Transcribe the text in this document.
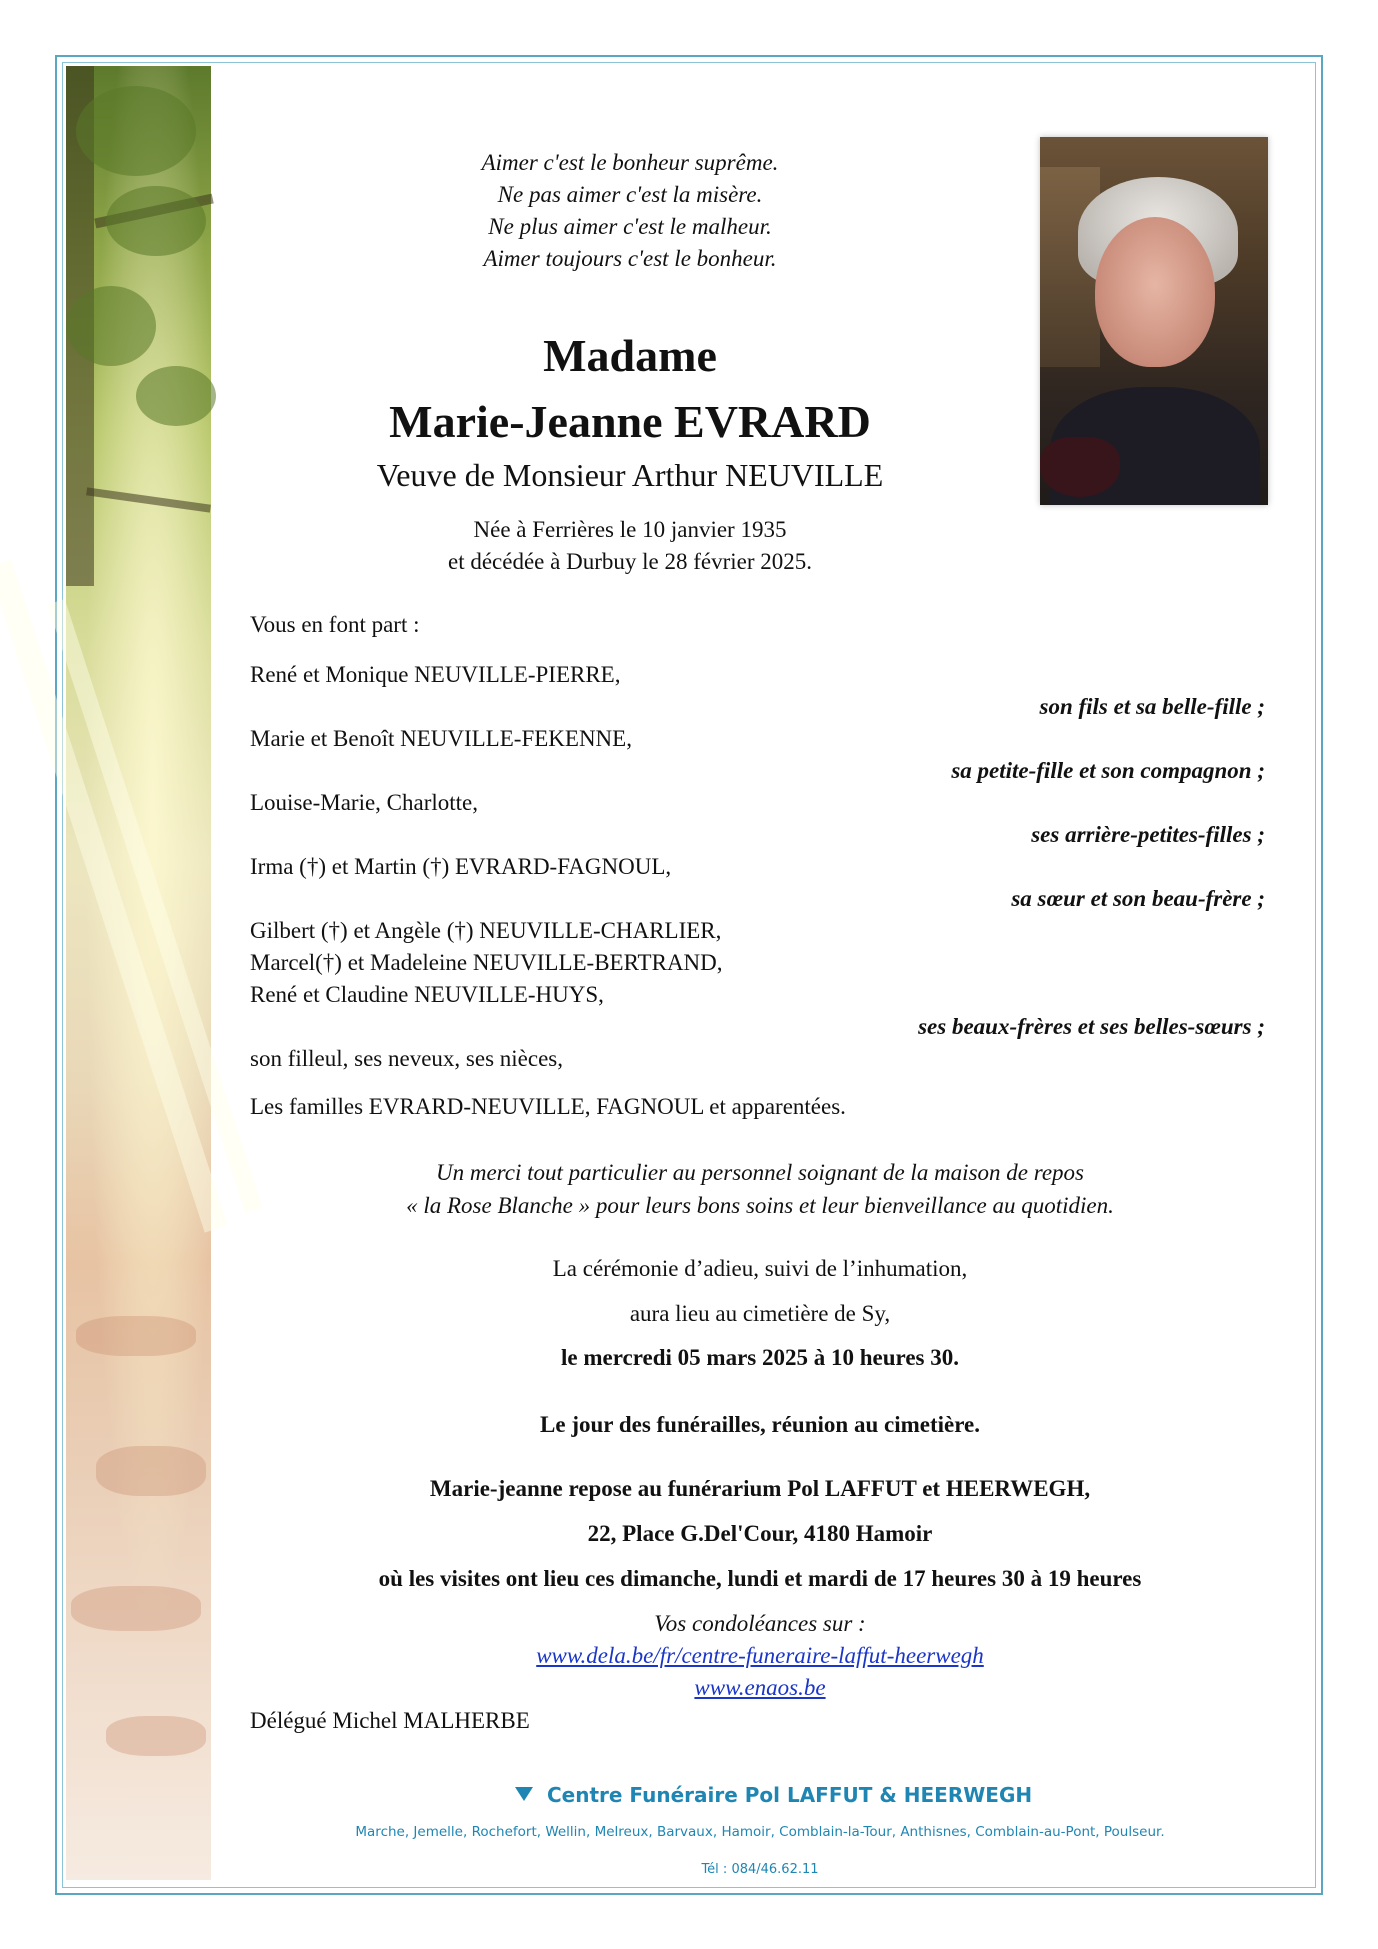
Aimer c'est le bonheur suprême.
Ne pas aimer c'est la misère.
Ne plus aimer c'est le malheur.
Aimer toujours c'est le bonheur.
Madame
Marie-Jeanne EVRARD
Veuve de Monsieur Arthur NEUVILLE
Née à Ferrières le 10 janvier 1935
et décédée à Durbuy le 28 février 2025.
Vous en font part :
René et Monique NEUVILLE-PIERRE,
son fils et sa belle-fille ;
Marie et Benoît NEUVILLE-FEKENNE,
sa petite-fille et son compagnon ;
Louise-Marie, Charlotte,
ses arrière-petites-filles ;
Irma (†) et Martin (†) EVRARD-FAGNOUL,
sa sœur et son beau-frère ;
Gilbert (†) et Angèle (†) NEUVILLE-CHARLIER,
Marcel(†) et Madeleine NEUVILLE-BERTRAND,
René et Claudine NEUVILLE-HUYS,
ses beaux-frères et ses belles-sœurs ;
son filleul, ses neveux, ses nièces,
Les familles EVRARD-NEUVILLE, FAGNOUL et apparentées.
Un merci tout particulier au personnel soignant de la maison de repos
« la Rose Blanche » pour leurs bons soins et leur bienveillance au quotidien.
La cérémonie d’adieu, suivi de l’inhumation,
aura lieu au cimetière de Sy,
le mercredi 05 mars 2025 à 10 heures 30.
Le jour des funérailles, réunion au cimetière.
Marie-jeanne repose au funérarium Pol LAFFUT et HEERWEGH,
22, Place G.Del'Cour, 4180 Hamoir
où les visites ont lieu ces dimanche, lundi et mardi de 17 heures 30 à 19 heures
Vos condoléances sur :
www.dela.be/fr/centre-funeraire-laffut-heerwegh
www.enaos.be
Délégué Michel MALHERBE
Centre Funéraire Pol LAFFUT & HEERWEGH
Marche, Jemelle, Rochefort, Wellin, Melreux, Barvaux, Hamoir, Comblain-la-Tour, Anthisnes, Comblain-au-Pont, Poulseur.
Tél : 084/46.62.11
